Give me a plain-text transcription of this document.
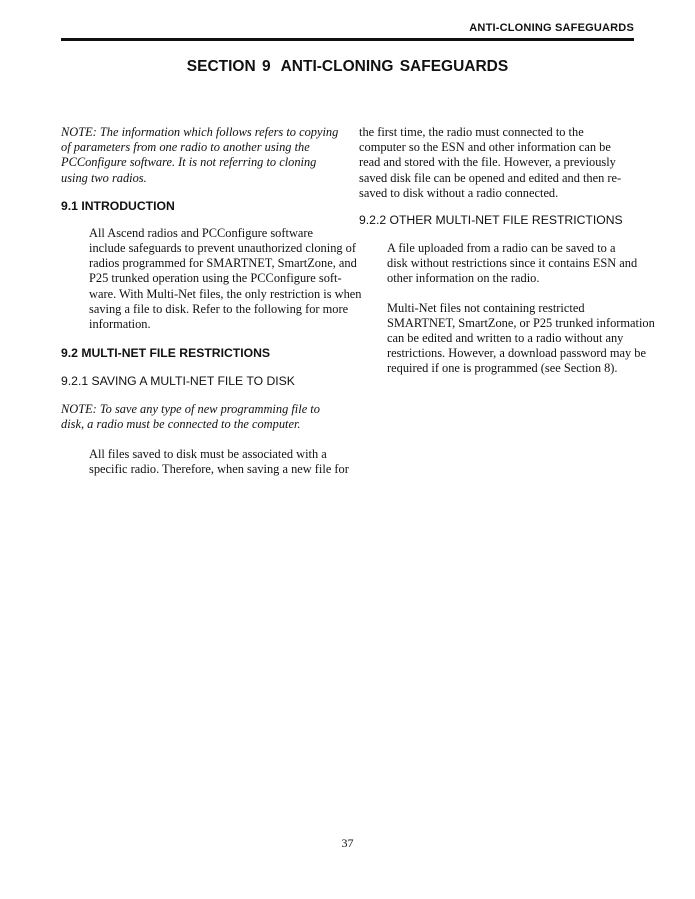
ANTI-CLONING SAFEGUARDS
SECTION 9 ANTI-CLONING SAFEGUARDS

NOTE: The information which follows refers to copying
of parameters from one radio to another using the
PCConfigure software. It is not referring to cloning
using two radios.

9.1 INTRODUCTION

All Ascend radios and PCConfigure software
include safeguards to prevent unauthorized cloning of
radios programmed for SMARTNET, SmartZone, and
P25 trunked operation using the PCConfigure soft-
ware. With Multi-Net files, the only restriction is when
saving a file to disk. Refer to the following for more
information.

9.2 MULTI-NET FILE RESTRICTIONS
9.2.1 SAVING A MULTI-NET FILE TO DISK

NOTE: To save any type of new programming file to
disk, a radio must be connected to the computer.

All files saved to disk must be associated with a
specific radio. Therefore, when saving a new file for

the first time, the radio must connected to the
computer so the ESN and other information can be
read and stored with the file. However, a previously
saved disk file can be opened and edited and then re-
saved to disk without a radio connected.

9.2.2 OTHER MULTI-NET FILE RESTRICTIONS

A file uploaded from a radio can be saved to a
disk without restrictions since it contains ESN and
other information on the radio.

Multi-Net files not containing restricted
SMARTNET, SmartZone, or P25 trunked information
can be edited and written to a radio without any
restrictions. However, a download password may be
required if one is programmed (see Section 8).

37
